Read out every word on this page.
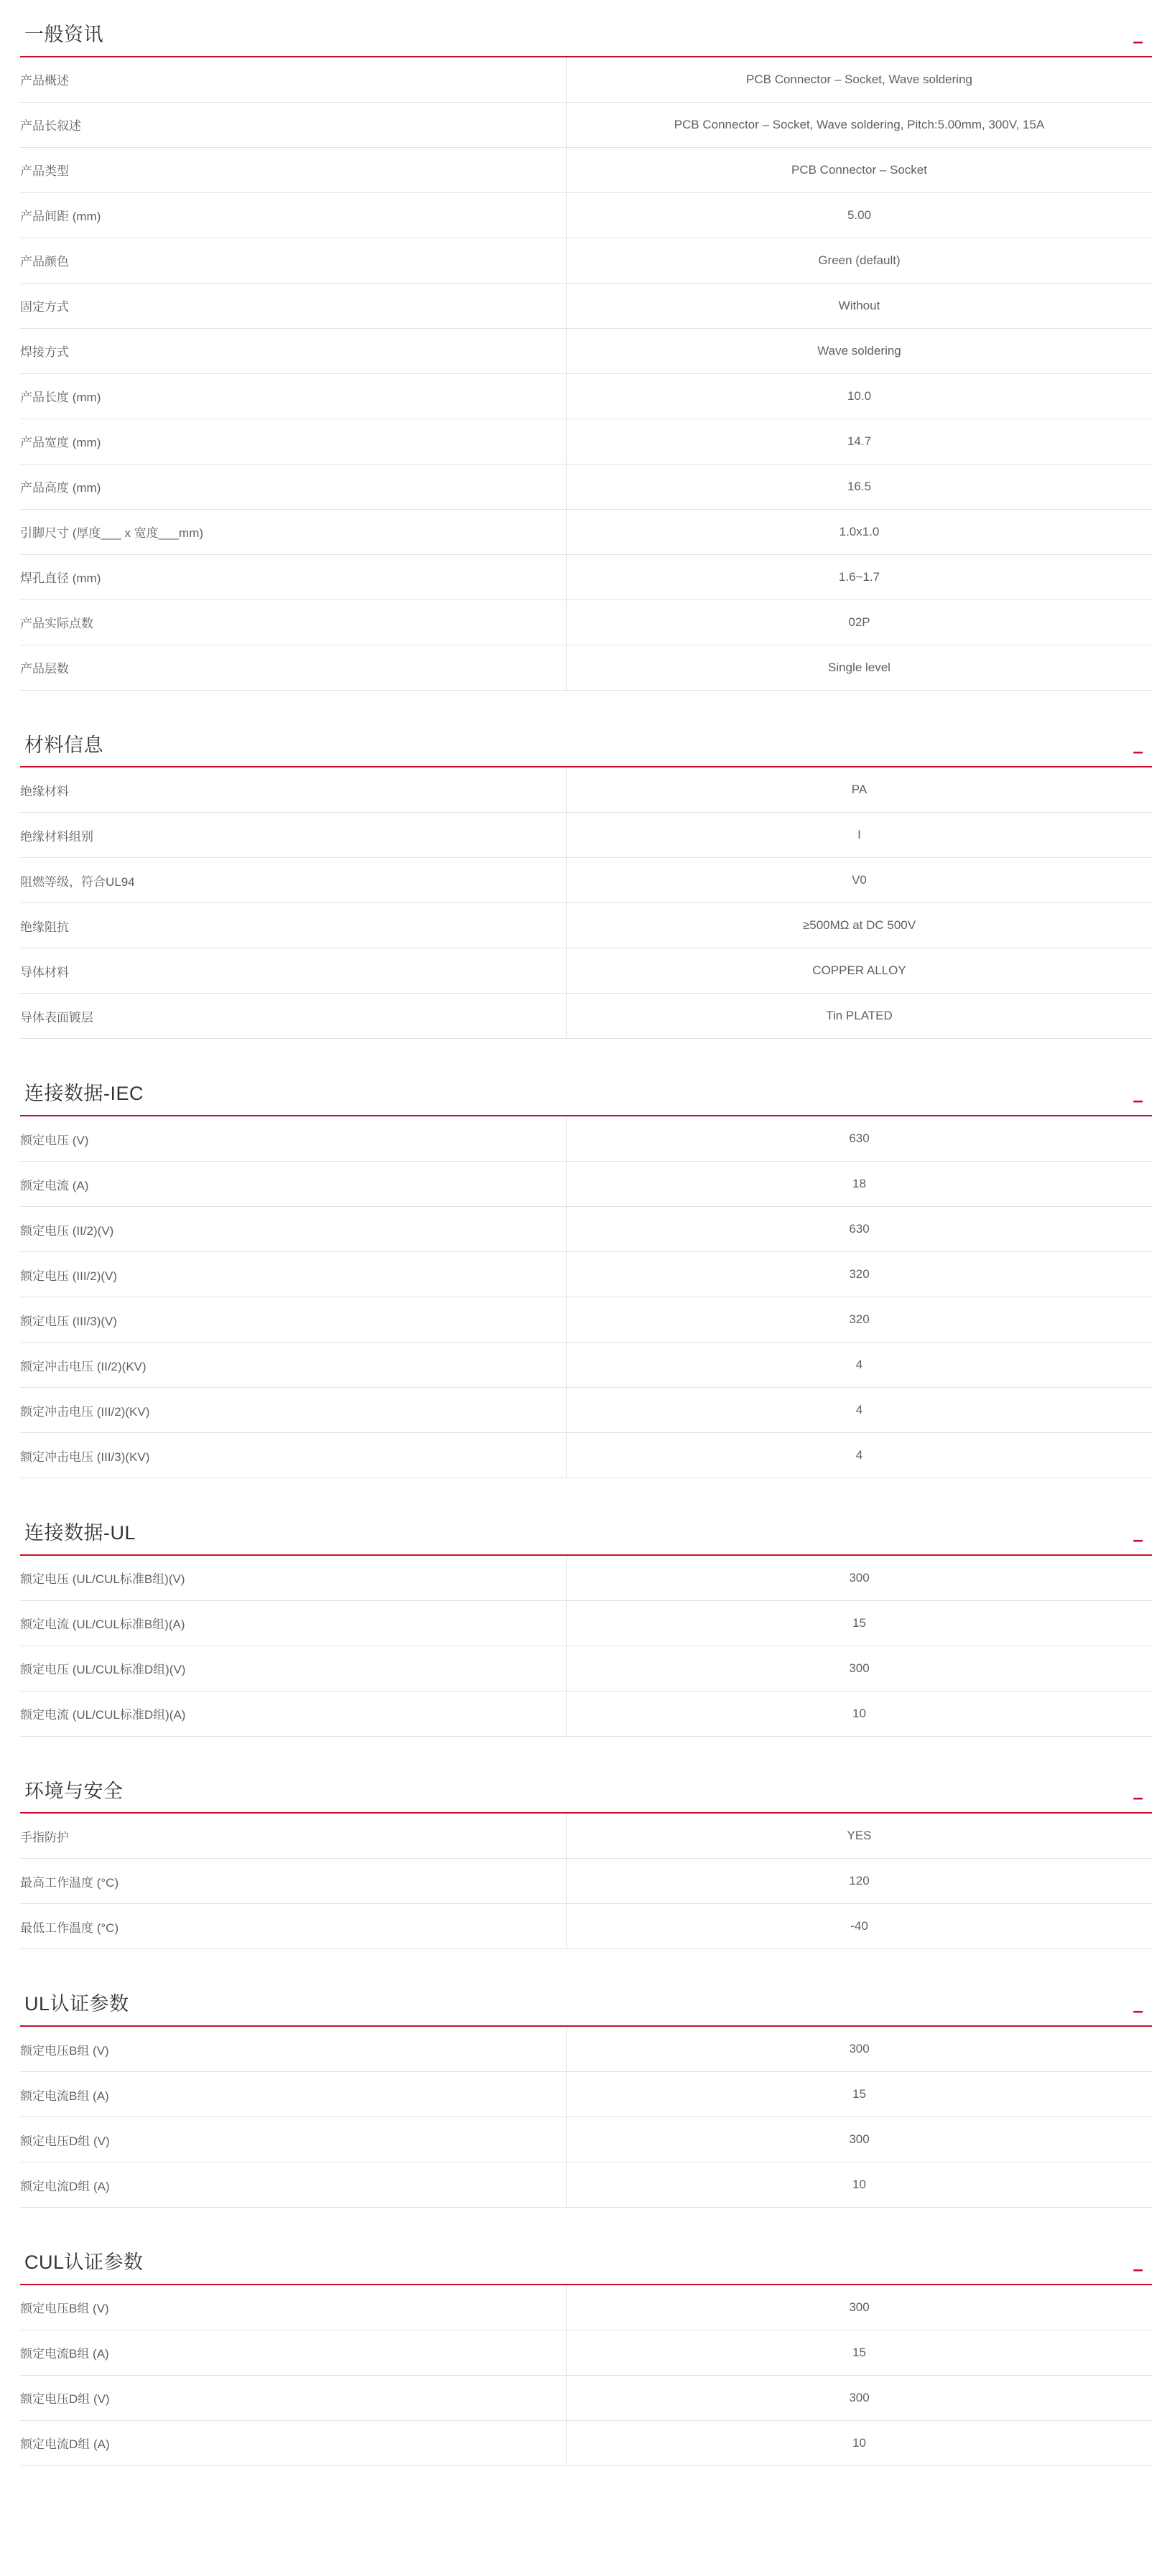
一般资讯	–
产品概述	PCB Connector – Socket, Wave soldering
产品长叙述	PCB Connector – Socket, Wave soldering, Pitch:5.00mm, 300V, 15A
产品类型	PCB Connector – Socket
产品间距 (mm)	5.00
产品颜色	Green (default)
固定方式	Without
焊接方式	Wave soldering
产品长度 (mm)	10.0
产品宽度 (mm)	14.7
产品高度 (mm)	16.5
引脚尺寸 (厚度___ x 宽度___mm)	1.0x1.0
焊孔直径 (mm)	1.6~1.7
产品实际点数	02P
产品层数	Single level
材料信息	–
绝缘材料	PA
绝缘材料组别	I
阻燃等级，符合UL94	V0
绝缘阻抗	≥500MΩ at DC 500V
导体材料	COPPER ALLOY
导体表面镀层	Tin PLATED
连接数据-IEC	–
额定电压 (V)	630
额定电流 (A)	18
额定电压 (II/2)(V)	630
额定电压 (III/2)(V)	320
额定电压 (III/3)(V)	320
额定冲击电压 (II/2)(KV)	4
额定冲击电压 (III/2)(KV)	4
额定冲击电压 (III/3)(KV)	4
连接数据-UL	–
额定电压 (UL/CUL标准B组)(V)	300
额定电流 (UL/CUL标准B组)(A)	15
额定电压 (UL/CUL标准D组)(V)	300
额定电流 (UL/CUL标准D组)(A)	10
环境与安全	–
手指防护	YES
最高工作温度 (°C)	120
最低工作温度 (°C)	-40
UL认证参数	–
额定电压B组 (V)	300
额定电流B组 (A)	15
额定电压D组 (V)	300
额定电流D组 (A)	10
CUL认证参数	–
额定电压B组 (V)	300
额定电流B组 (A)	15
额定电压D组 (V)	300
额定电流D组 (A)	10
